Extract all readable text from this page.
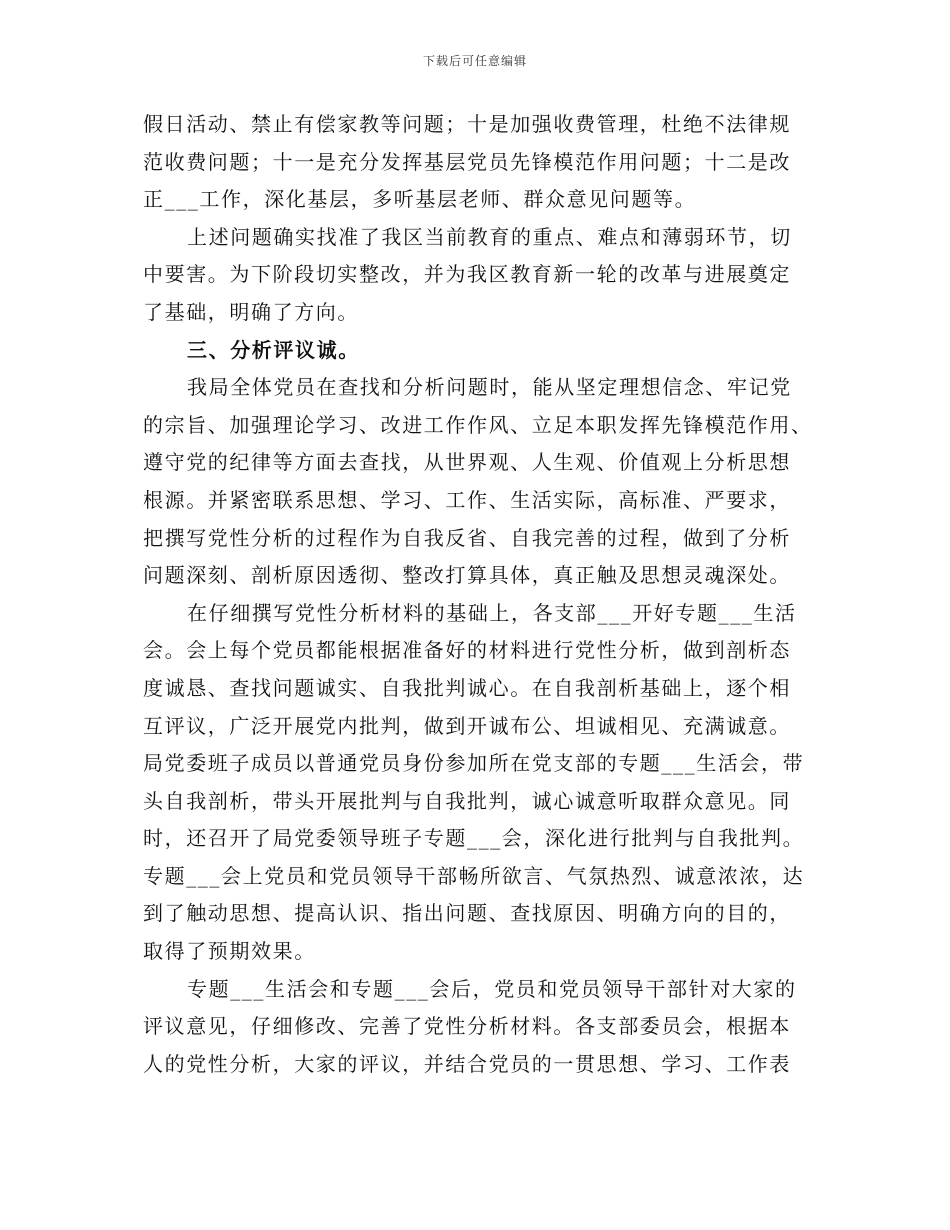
下载后可任意编辑
假日活动、禁止有偿家教等问题；十是加强收费管理，杜绝不法律规
范收费问题；十一是充分发挥基层党员先锋模范作用问题；十二是改
正___工作，深化基层，多听基层老师、群众意见问题等。
上述问题确实找准了我区当前教育的重点、难点和薄弱环节，切
中要害。为下阶段切实整改，并为我区教育新一轮的改革与进展奠定
了基础，明确了方向。
三、分析评议诚。
我局全体党员在查找和分析问题时，能从坚定理想信念、牢记党
的宗旨、加强理论学习、改进工作作风、立足本职发挥先锋模范作用、
遵守党的纪律等方面去查找，从世界观、人生观、价值观上分析思想
根源。并紧密联系思想、学习、工作、生活实际，高标准、严要求，
把撰写党性分析的过程作为自我反省、自我完善的过程，做到了分析
问题深刻、剖析原因透彻、整改打算具体，真正触及思想灵魂深处。
在仔细撰写党性分析材料的基础上，各支部___开好专题___生活
会。会上每个党员都能根据准备好的材料进行党性分析，做到剖析态
度诚恳、查找问题诚实、自我批判诚心。在自我剖析基础上，逐个相
互评议，广泛开展党内批判，做到开诚布公、坦诚相见、充满诚意。
局党委班子成员以普通党员身份参加所在党支部的专题___生活会，带
头自我剖析，带头开展批判与自我批判，诚心诚意听取群众意见。同
时，还召开了局党委领导班子专题___会，深化进行批判与自我批判。
专题___会上党员和党员领导干部畅所欲言、气氛热烈、诚意浓浓，达
到了触动思想、提高认识、指出问题、查找原因、明确方向的目的，
取得了预期效果。
专题___生活会和专题___会后，党员和党员领导干部针对大家的
评议意见，仔细修改、完善了党性分析材料。各支部委员会，根据本
人的党性分析，大家的评议，并结合党员的一贯思想、学习、工作表
